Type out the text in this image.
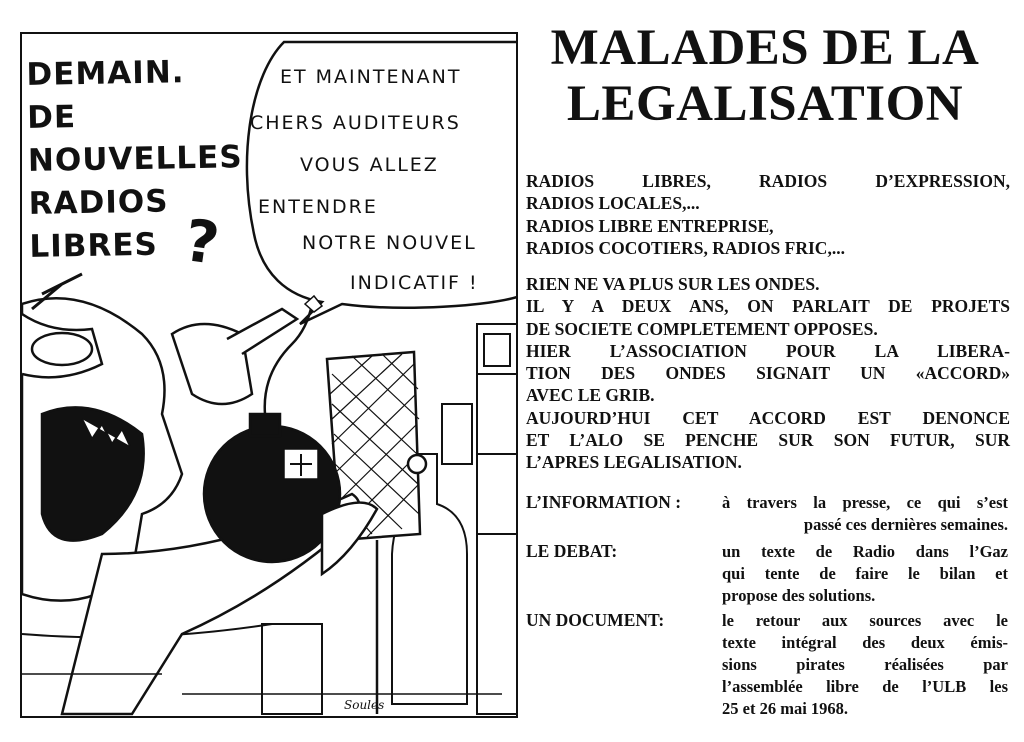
DEMAIN.
DE
NOUVELLES
RADIOS
LIBRES ?
ET MAINTENANT
CHERS AUDITEURS
VOUS ALLEZ
ENTENDRE
NOTRE NOUVEL
INDICATIF !
Soules
MALADES DE LA
LEGALISATION
RADIOS LIBRES, RADIOS D’EXPRESSION,
RADIOS LOCALES,...
RADIOS LIBRE ENTREPRISE,
RADIOS COCOTIERS, RADIOS FRIC,...
RIEN NE VA PLUS SUR LES ONDES.
IL Y A DEUX ANS, ON PARLAIT DE PROJETS
DE SOCIETE COMPLETEMENT OPPOSES.
HIER L’ASSOCIATION POUR LA LIBERA-
TION DES ONDES SIGNAIT UN «ACCORD»
AVEC LE GRIB.
AUJOURD’HUI CET ACCORD EST DENONCE
ET L’ALO SE PENCHE SUR SON FUTUR, SUR
L’APRES LEGALISATION.
L’INFORMATION : à travers la presse, ce qui s’est
passé ces dernières semaines.
LE DEBAT:	un texte de Radio dans l’Gaz
qui tente de faire le bilan et
propose des solutions.
UN DOCUMENT:	le retour aux sources avec le
texte intégral des deux émis-
sions pirates réalisées par
l’assemblée libre de l’ULB les
25 et 26 mai 1968.
